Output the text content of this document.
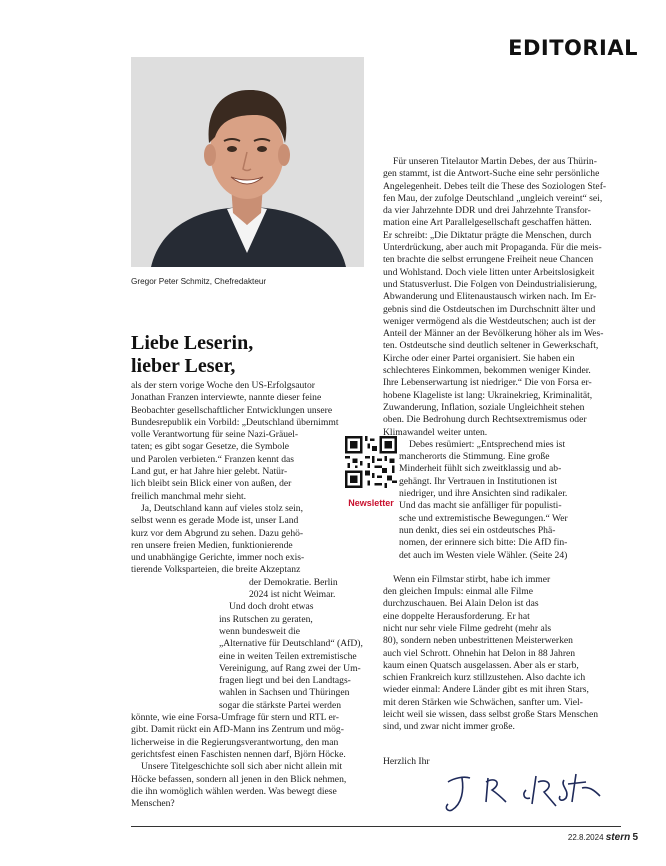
EDITORIAL
Gregor Peter Schmitz, Chefredakteur
Liebe Leserin,
lieber Leser,
als der stern vorige Woche den US-Erfolgsautor
Jonathan Franzen interviewte, nannte dieser feine
Beobachter gesellschaftlicher Entwicklungen unsere
Bundesrepublik ein Vorbild: „Deutschland übernimmt
volle Verantwortung für seine Nazi-Gräuel-
taten; es gibt sogar Gesetze, die Symbole
und Parolen verbieten.“ Franzen kennt das
Land gut, er hat Jahre hier gelebt. Natür-
lich bleibt sein Blick einer von außen, der
freilich manchmal mehr sieht.
Ja, Deutschland kann auf vieles stolz sein,
selbst wenn es gerade Mode ist, unser Land
kurz vor dem Abgrund zu sehen. Dazu gehö-
ren unsere freien Medien, funktionierende
und unabhängige Gerichte, immer noch exis-
tierende Volksparteien, die breite Akzeptanz
der Demokratie. Berlin
2024 ist nicht Weimar.
Und doch droht etwas
ins Rutschen zu geraten,
wenn bundesweit die
„Alternative für Deutschland“ (AfD),
eine in weiten Teilen extremistische
Vereinigung, auf Rang zwei der Um-
fragen liegt und bei den Landtags-
wahlen in Sachsen und Thüringen
sogar die stärkste Partei werden
könnte, wie eine Forsa-Umfrage für stern und RTL er-
gibt. Damit rückt ein AfD-Mann ins Zentrum und mög-
licherweise in die Regierungsverantwortung, den man
gerichtsfest einen Faschisten nennen darf, Björn Höcke.
Unsere Titelgeschichte soll sich aber nicht allein mit
Höcke befassen, sondern all jenen in den Blick nehmen,
die ihn womöglich wählen werden. Was bewegt diese
Menschen?
Newsletter
Für unseren Titelautor Martin Debes, der aus Thürin-
gen stammt, ist die Antwort-Suche eine sehr persönliche
Angelegenheit. Debes teilt die These des Soziologen Stef-
fen Mau, der zufolge Deutschland „ungleich vereint“ sei,
da vier Jahrzehnte DDR und drei Jahrzehnte Transfor-
mation eine Art Parallelgesellschaft geschaffen hätten.
Er schreibt: „Die Diktatur prägte die Menschen, durch
Unterdrückung, aber auch mit Propaganda. Für die meis-
ten brachte die selbst errungene Freiheit neue Chancen
und Wohlstand. Doch viele litten unter Arbeitslosigkeit
und Statusverlust. Die Folgen von Deindustrialisierung,
Abwanderung und Elitenaustausch wirken nach. Im Er-
gebnis sind die Ostdeutschen im Durchschnitt älter und
weniger vermögend als die Westdeutschen; auch ist der
Anteil der Männer an der Bevölkerung höher als im Wes-
ten. Ostdeutsche sind deutlich seltener in Gewerkschaft,
Kirche oder einer Partei organisiert. Sie haben ein
schlechteres Einkommen, bekommen weniger Kinder.
Ihre Lebenserwartung ist niedriger.“ Die von Forsa er-
hobene Klageliste ist lang: Ukrainekrieg, Kriminalität,
Zuwanderung, Inflation, soziale Ungleichheit stehen
oben. Die Bedrohung durch Rechtsextremismus oder
Klimawandel weiter unten.
Debes resümiert: „Entsprechend mies ist
mancherorts die Stimmung. Eine große
Minderheit fühlt sich zweitklassig und ab-
gehängt. Ihr Vertrauen in Institutionen ist
niedriger, und ihre Ansichten sind radikaler.
Und das macht sie anfälliger für populisti-
sche und extremistische Bewegungen.“ Wer
nun denkt, dies sei ein ostdeutsches Phä-
nomen, der erinnere sich bitte: Die AfD fin-
det auch im Westen viele Wähler. (Seite 24)
Wenn ein Filmstar stirbt, habe ich immer
den gleichen Impuls: einmal alle Filme
durchzuschauen. Bei Alain Delon ist das
eine doppelte Herausforderung. Er hat
nicht nur sehr viele Filme gedreht (mehr als
80), sondern neben unbestrittenen Meisterwerken
auch viel Schrott. Ohnehin hat Delon in 88 Jahren
kaum einen Quatsch ausgelassen. Aber als er starb,
schien Frankreich kurz stillzustehen. Also dachte ich
wieder einmal: Andere Länder gibt es mit ihren Stars,
mit deren Stärken wie Schwächen, sanfter um. Viel-
leicht weil sie wissen, dass selbst große Stars Menschen
sind, und zwar nicht immer große.
Herzlich Ihr
22.8.2024 stern 5
